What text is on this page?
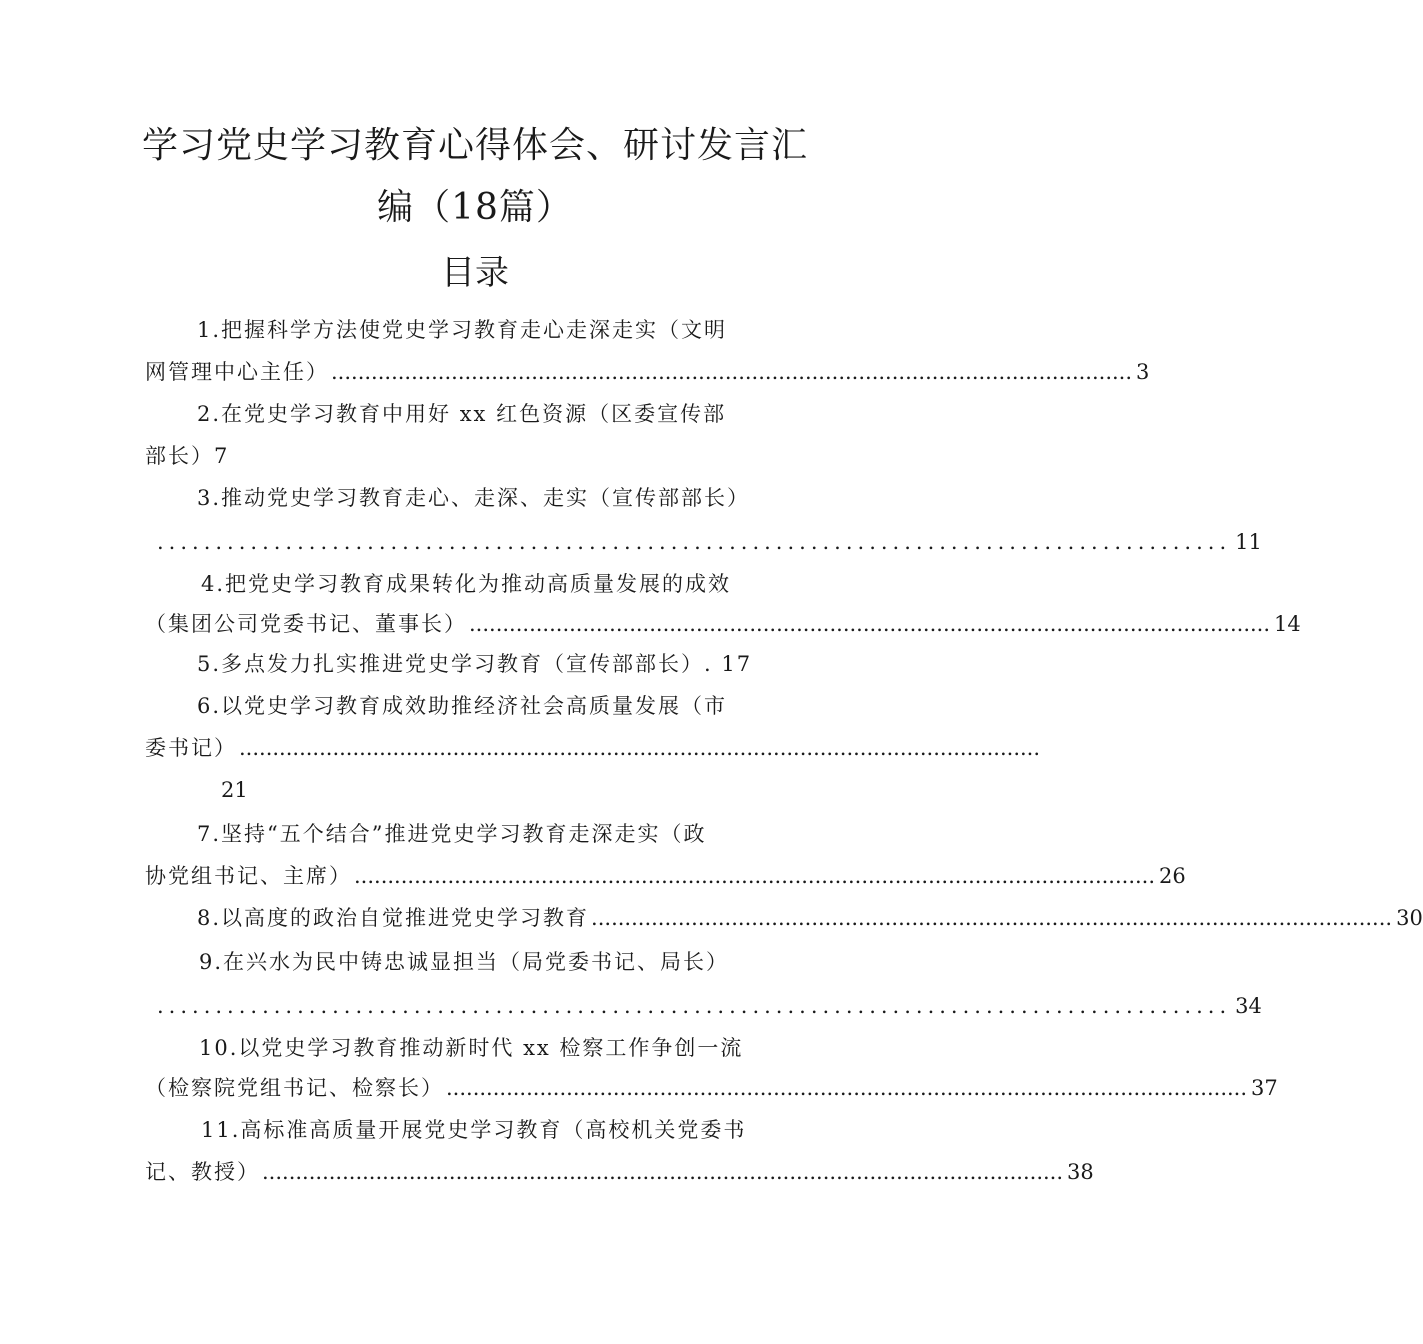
学习党史学习教育心得体会、研讨发言汇
编（18篇）
目录
1.把握科学方法使党史学习教育走心走深走实（文明
网管理中心主任） ........................................................................................................................ 3
2.在党史学习教育中用好 xx 红色资源（区委宣传部
部长）7
3.推动党史学习教育走心、走深、走实（宣传部部长）
............................................................................................ 11
4.把党史学习教育成果转化为推动高质量发展的成效
（集团公司党委书记、董事长） ........................................................................................................................ 14
5.多点发力扎实推进党史学习教育（宣传部部长）. 17
6.以党史学习教育成效助推经济社会高质量发展（市
委书记） ........................................................................................................................
21
7.坚持“五个结合”推进党史学习教育走深走实（政
协党组书记、主席） ........................................................................................................................ 26
8.以高度的政治自觉推进党史学习教育 ........................................................................................................................ 30
9.在兴水为民中铸忠诚显担当（局党委书记、局长）
............................................................................................ 34
10.以党史学习教育推动新时代 xx 检察工作争创一流
（检察院党组书记、检察长） ........................................................................................................................ 37
11.高标准高质量开展党史学习教育（高校机关党委书
记、教授） ........................................................................................................................ 38
